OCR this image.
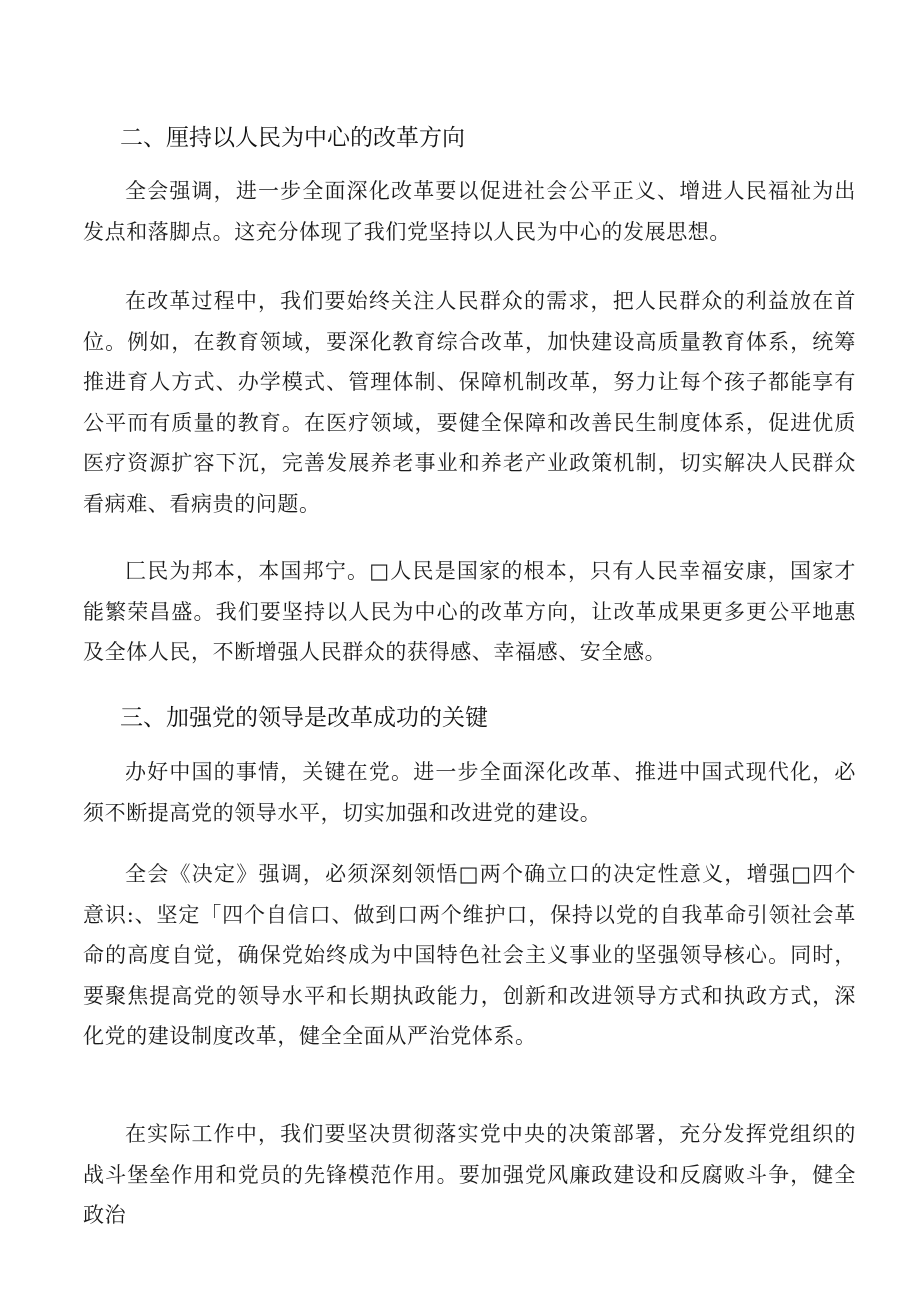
二、厘持以人民为中心的改革方向

全会强调，进一步全面深化改革要以促进社会公平正义、增进人民福祉为出发点和落脚点。这充分体现了我们党坚持以人民为中心的发展思想。

在改革过程中，我们要始终关注人民群众的需求，把人民群众的利益放在首位。例如，在教育领域，要深化教育综合改革，加快建设高质量教育体系，统筹推进育人方式、办学模式、管理体制、保障机制改革，努力让每个孩子都能享有公平而有质量的教育。在医疗领域，要健全保障和改善民生制度体系，促进优质医疗资源扩容下沉，完善发展养老事业和养老产业政策机制，切实解决人民群众看病难、看病贵的问题。

匚民为邦本，本国邦宁。□人民是国家的根本，只有人民幸福安康，国家才能繁荣昌盛。我们要坚持以人民为中心的改革方向，让改革成果更多更公平地惠及全体人民，不断增强人民群众的获得感、幸福感、安全感。

三、加强党的领导是改革成功的关键

办好中国的事情，关键在党。进一步全面深化改革、推进中国式现代化，必须不断提高党的领导水平，切实加强和改进党的建设。

全会《决定》强调，必须深刻领悟□两个确立口的决定性意义，增强□四个意识:、坚定「四个自信口、做到口两个维护口，保持以党的自我革命引领社会革命的高度自觉，确保党始终成为中国特色社会主义事业的坚强领导核心。同时，要聚焦提高党的领导水平和长期执政能力，创新和改进领导方式和执政方式，深化党的建设制度改革，健全全面从严治党体系。

在实际工作中，我们要坚决贯彻落实党中央的决策部署，充分发挥党组织的战斗堡垒作用和党员的先锋模范作用。要加强党风廉政建设和反腐败斗争，健全政治
